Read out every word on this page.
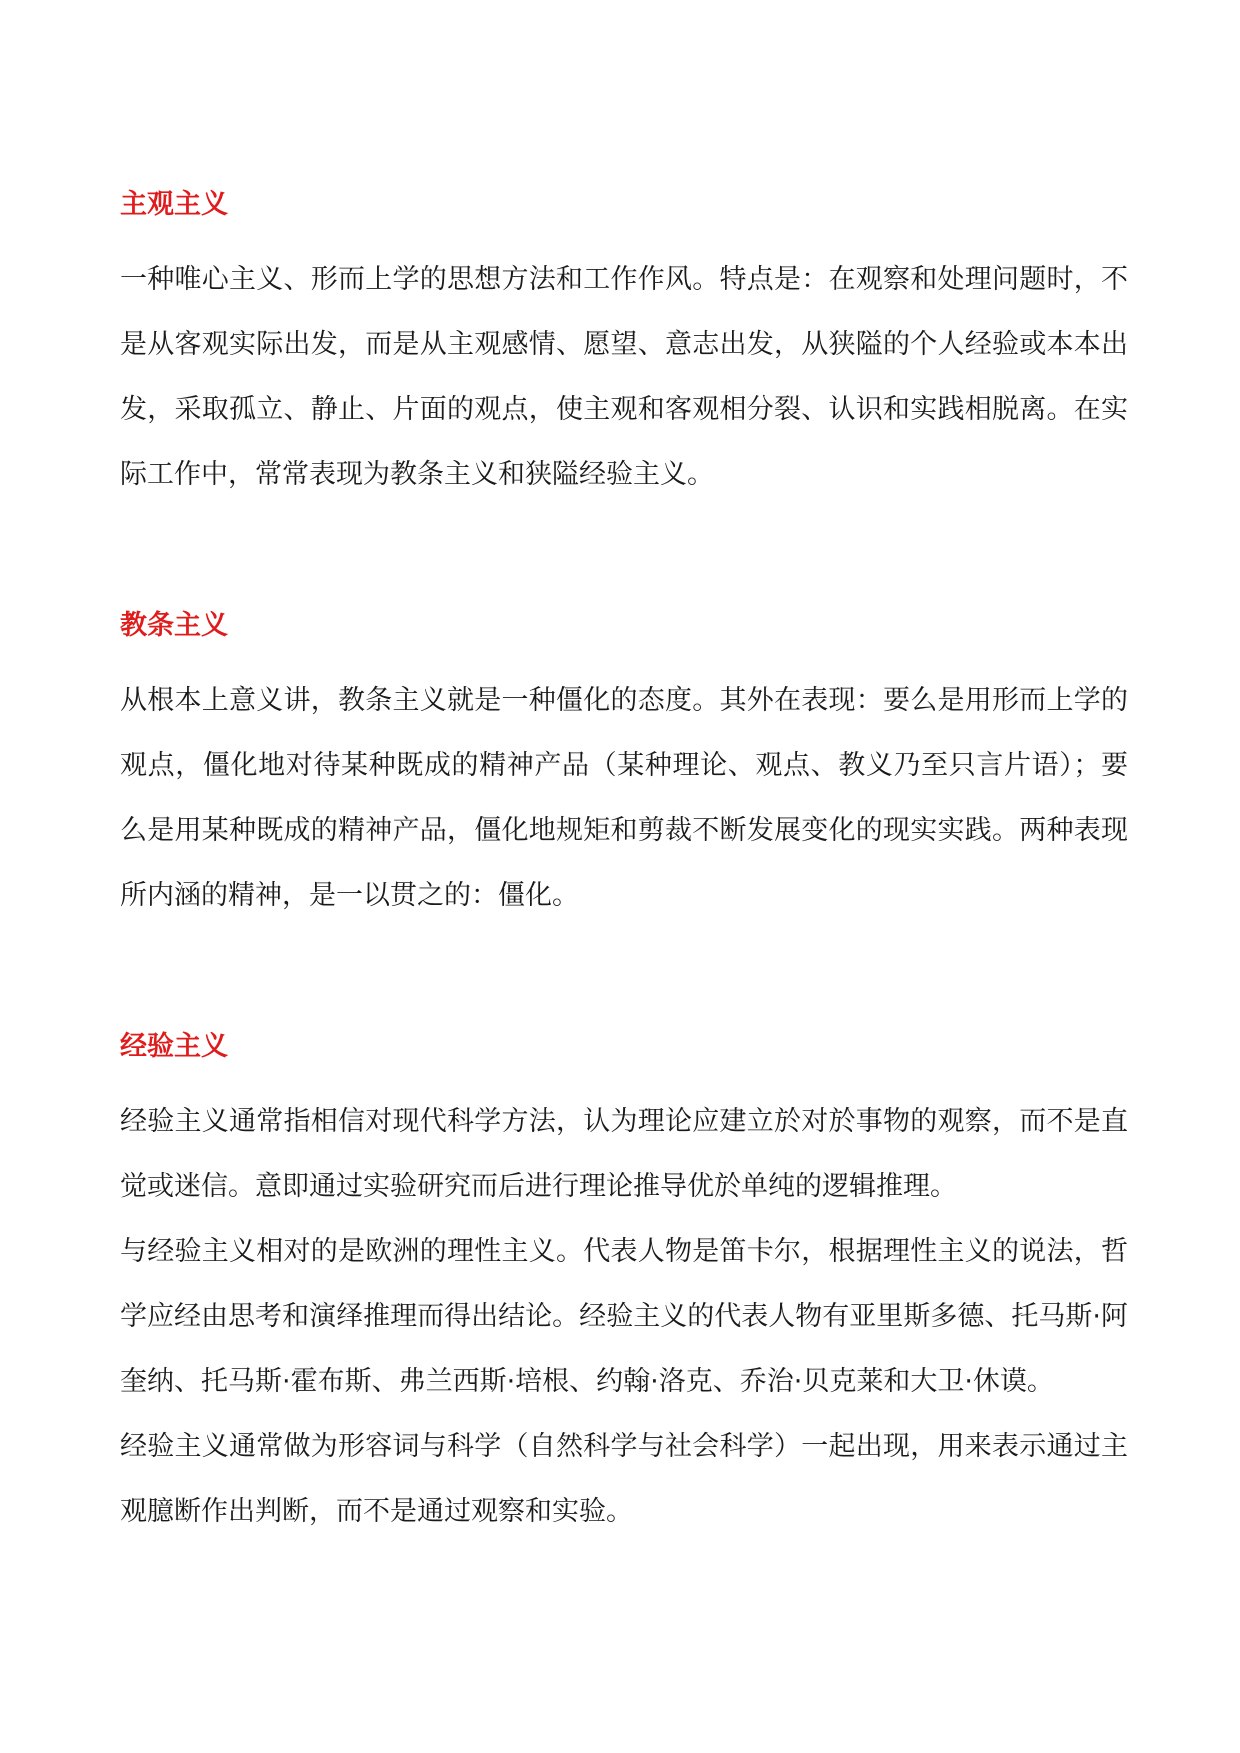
主观主义

一种唯心主义、形而上学的思想方法和工作作风。特点是：在观察和处理问题时，不是从客观实际出发，而是从主观感情、愿望、意志出发，从狭隘的个人经验或本本出发，采取孤立、静止、片面的观点，使主观和客观相分裂、认识和实践相脱离。在实际工作中，常常表现为教条主义和狭隘经验主义。

教条主义

从根本上意义讲，教条主义就是一种僵化的态度。其外在表现：要么是用形而上学的观点，僵化地对待某种既成的精神产品（某种理论、观点、教义乃至只言片语）；要么是用某种既成的精神产品，僵化地规矩和剪裁不断发展变化的现实实践。两种表现所内涵的精神，是一以贯之的：僵化。

经验主义

经验主义通常指相信对现代科学方法，认为理论应建立於对於事物的观察，而不是直觉或迷信。意即通过实验研究而后进行理论推导优於单纯的逻辑推理。

与经验主义相对的是欧洲的理性主义。代表人物是笛卡尔，根据理性主义的说法，哲学应经由思考和演绎推理而得出结论。经验主义的代表人物有亚里斯多德、托马斯·阿奎纳、托马斯·霍布斯、弗兰西斯·培根、约翰·洛克、乔治·贝克莱和大卫·休谟。

经验主义通常做为形容词与科学（自然科学与社会科学）一起出现，用来表示通过主观臆断作出判断，而不是通过观察和实验。
